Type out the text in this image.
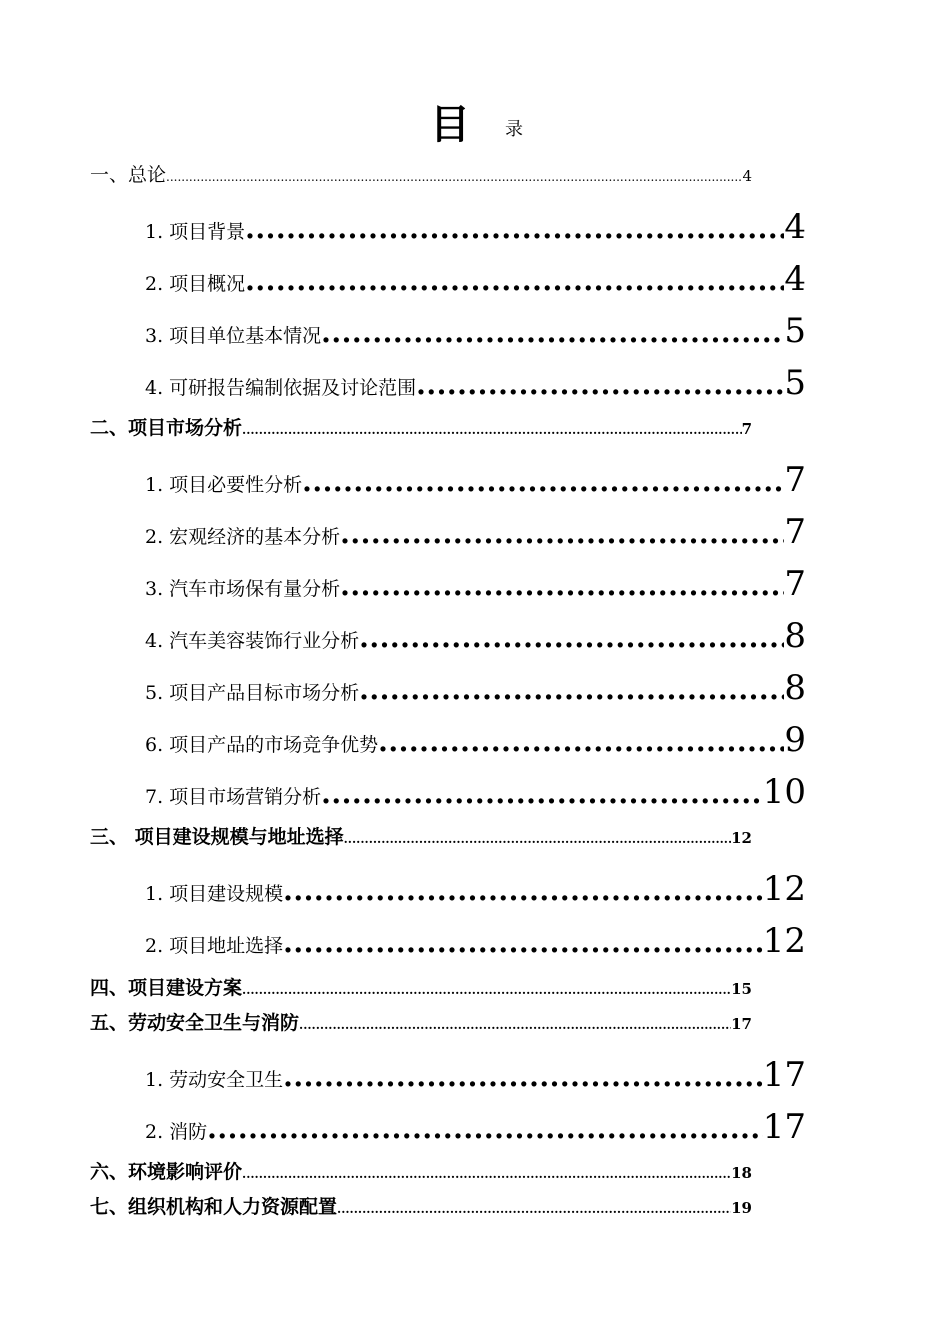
目 录
一、总论 .....	4
1. 项目背景 .....	4
2. 项目概况 .....	4
3. 项目单位基本情况 .....	5
4. 可研报告编制依据及讨论范围 .....	5
二、项目市场分析 .....	7
1. 项目必要性分析 .....	7
2. 宏观经济的基本分析 .....	7
3. 汽车市场保有量分析 .....	7
4. 汽车美容装饰行业分析 .....	8
5. 项目产品目标市场分析 .....	8
6. 项目产品的市场竞争优势 .....	9
7. 项目市场营销分析 .....	10
三、 项目建设规模与地址选择 .....	12
1. 项目建设规模 .....	12
2. 项目地址选择 .....	12
四、项目建设方案 .....	15
五、劳动安全卫生与消防 .....	17
1. 劳动安全卫生 .....	17
2. 消防 .....	17
六、环境影响评价 .....	18
七、组织机构和人力资源配置 .....	19
